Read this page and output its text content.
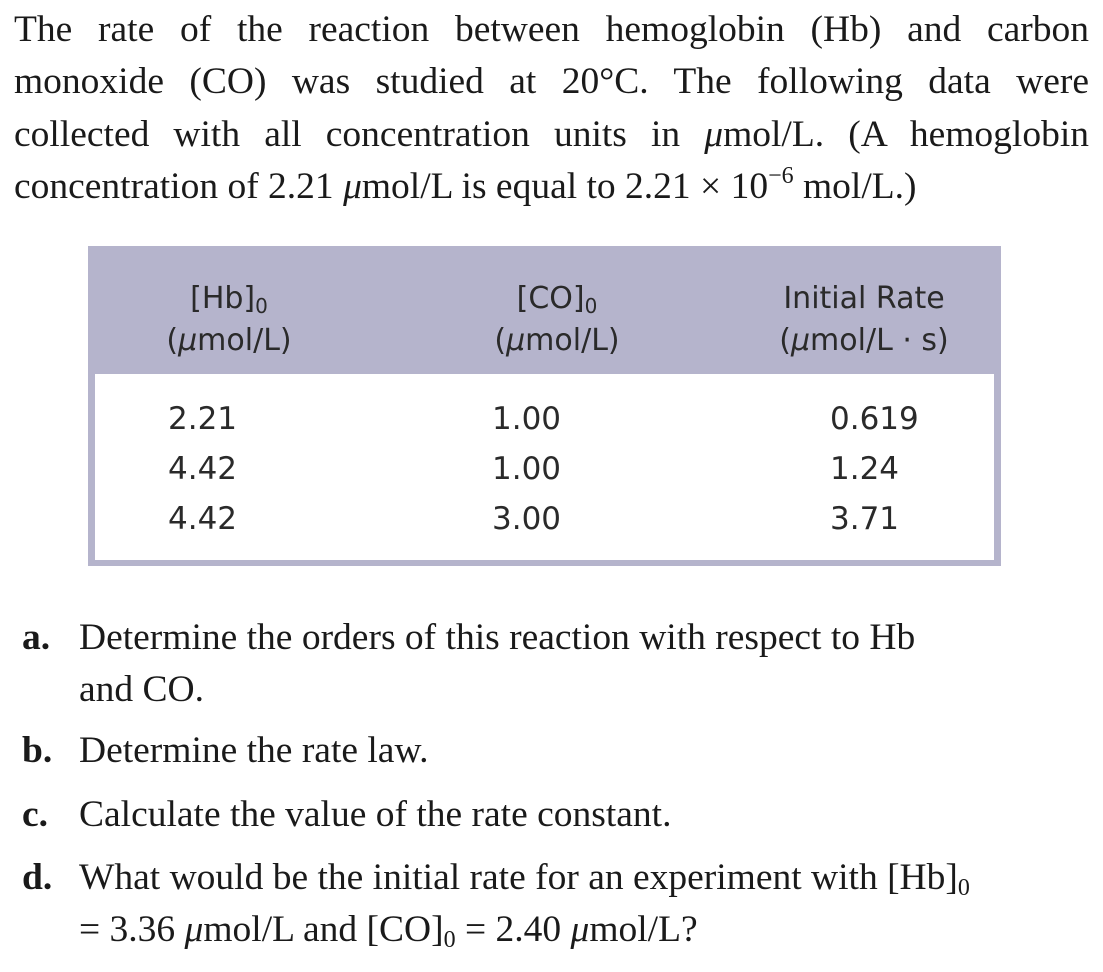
The rate of the reaction between hemoglobin (Hb) and carbon monoxide (CO) was studied at 20°C. The following data were collected with all concentration units in μmol/L. (A hemoglobin concentration of 2.21 μmol/L is equal to $2.21 \times 10^{-6}$ mol/L.)
$[Hb]_0$
(μmol/L)
$[CO]_0$
(μmol/L)
Initial Rate
(μmol/L · s)
2.21
4.42
4.42
1.00
1.00
3.00
0.619
1.24
3.71
a. Determine the orders of this reaction with respect to Hb
and CO.
b. Determine the rate law.
c. Calculate the value of the rate constant.
d. What would be the initial rate for an experiment with $[Hb]_0$
= 3.36 μmol/L and $[CO]_0 = 2.40$ μmol/L?
